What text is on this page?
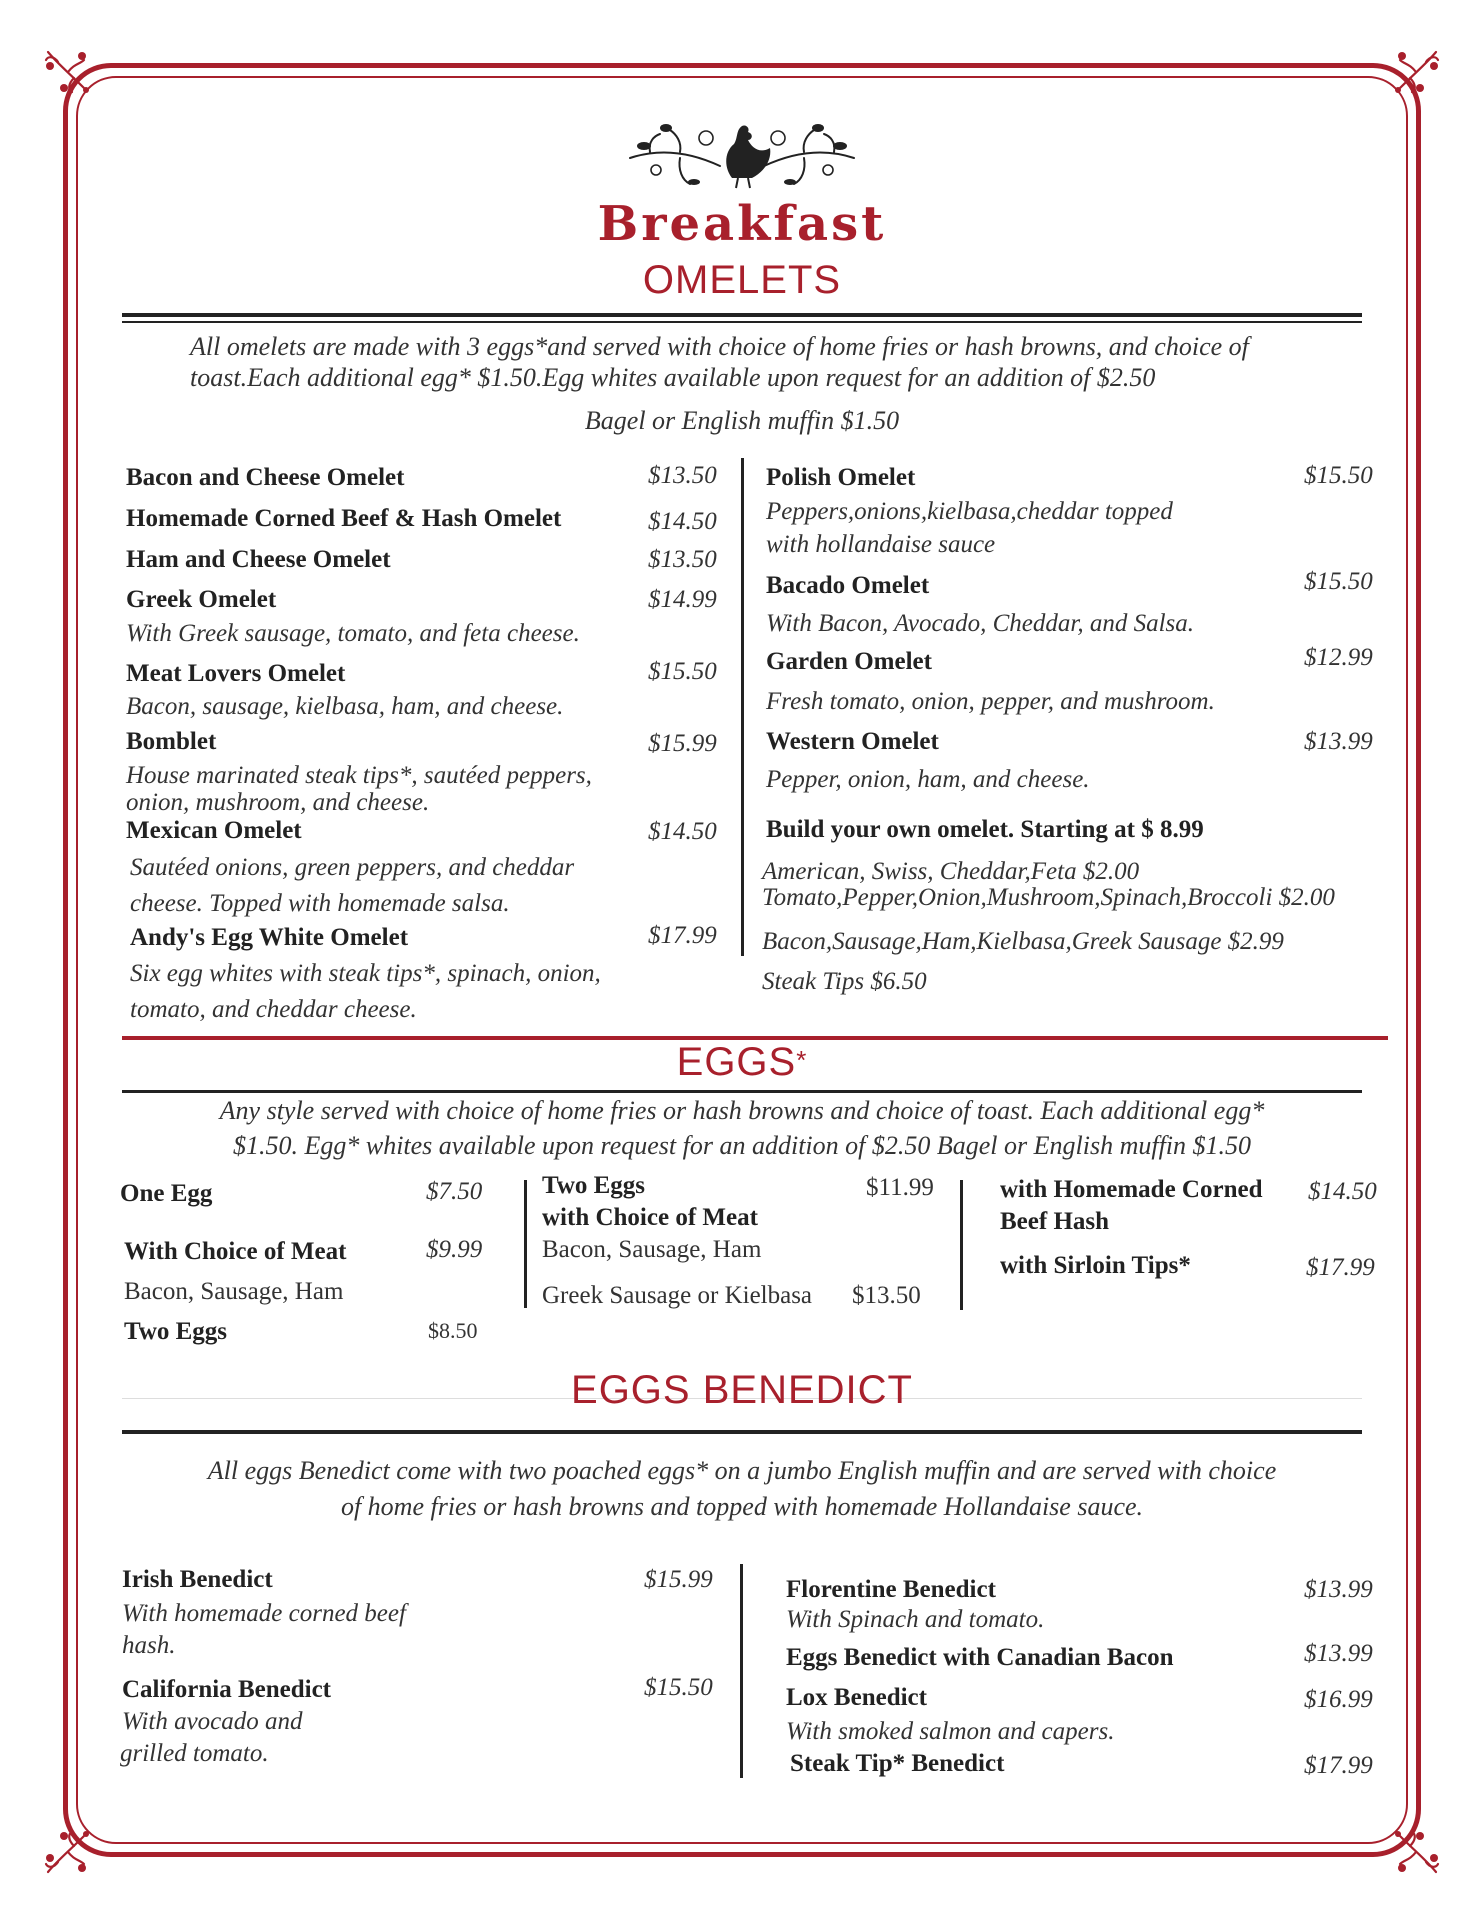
Breakfast
OMELETS
All omelets are made with 3 eggs*and served with choice of home fries or hash browns, and choice of
toast.Each additional egg* $1.50.Egg whites available upon request for an addition of $2.50
Bagel or English muffin $1.50
Bacon and Cheese Omelet	$13.50
Homemade Corned Beef & Hash Omelet	$14.50
Ham and Cheese Omelet	$13.50
Greek Omelet	$14.99
With Greek sausage, tomato, and feta cheese.
Meat Lovers Omelet	$15.50
Bacon, sausage, kielbasa, ham, and cheese.
Bomblet	$15.99
House marinated steak tips*, sautéed peppers,
onion, mushroom, and cheese.
Mexican Omelet	$14.50
Sautéed onions, green peppers, and cheddar
cheese. Topped with homemade salsa.
Andy's Egg White Omelet	$17.99
Six egg whites with steak tips*, spinach, onion,
tomato, and cheddar cheese.
Polish Omelet	$15.50
Peppers,onions,kielbasa,cheddar topped
with hollandaise sauce
Bacado Omelet	$15.50
With Bacon, Avocado, Cheddar, and Salsa.
Garden Omelet	$12.99
Fresh tomato, onion, pepper, and mushroom.
Western Omelet	$13.99
Pepper, onion, ham, and cheese.
Build your own omelet. Starting at $ 8.99
American, Swiss, Cheddar,Feta $2.00
Tomato,Pepper,Onion,Mushroom,Spinach,Broccoli $2.00
Bacon,Sausage,Ham,Kielbasa,Greek Sausage $2.99
Steak Tips $6.50
EGGS*
Any style served with choice of home fries or hash browns and choice of toast. Each additional egg*
$1.50. Egg* whites available upon request for an addition of $2.50 Bagel or English muffin $1.50
One Egg	$7.50
With Choice of Meat	$9.99
Bacon, Sausage, Ham
Two Eggs	$8.50
Two Eggs
with Choice of Meat
$11.99
Bacon, Sausage, Ham
Greek Sausage or Kielbasa $13.50
with Homemade Corned
Beef Hash
$14.50
with Sirloin Tips*	$17.99
EGGS BENEDICT
All eggs Benedict come with two poached eggs* on a jumbo English muffin and are served with choice
of home fries or hash browns and topped with homemade Hollandaise sauce.
Irish Benedict	$15.99
With homemade corned beef
hash.
California Benedict	$15.50
With avocado and
grilled tomato.
Florentine Benedict	$13.99
With Spinach and tomato.
Eggs Benedict with Canadian Bacon	$13.99
Lox Benedict	$16.99
With smoked salmon and capers.
Steak Tip* Benedict	$17.99
